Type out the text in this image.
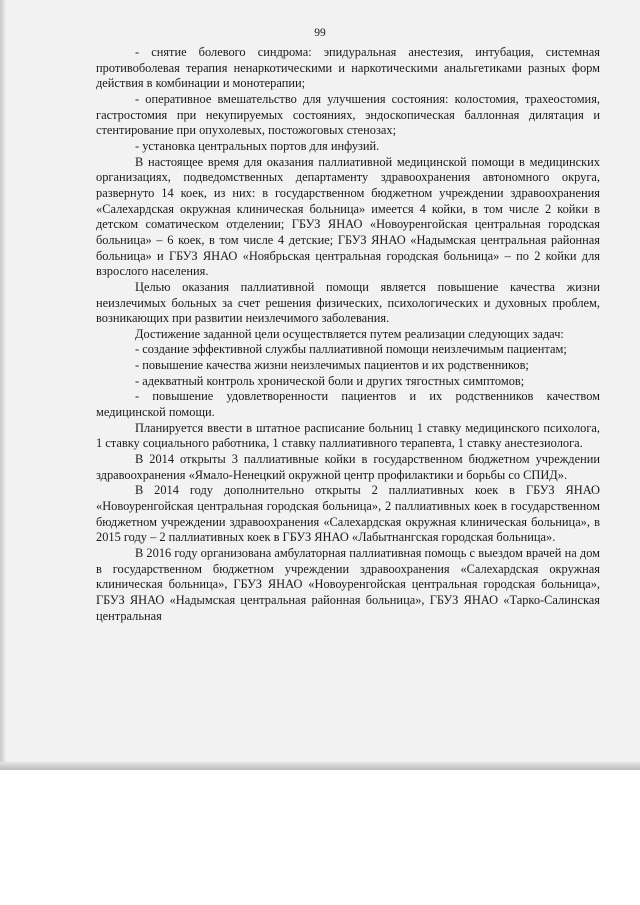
99

- снятие болевого синдрома: эпидуральная анестезия, интубация, системная противоболевая терапия ненаркотическими и наркотическими анальгетиками разных форм действия в комбинации и монотерапии;

- оперативное вмешательство для улучшения состояния: колостомия, трахеостомия, гастростомия при некупируемых состояниях, эндоскопическая баллонная дилятация и стентирование при опухолевых, постожоговых стенозах;

- установка центральных портов для инфузий.

В настоящее время для оказания паллиативной медицинской помощи в медицинских организациях, подведомственных департаменту здравоохранения автономного округа, развернуто 14 коек, из них: в государственном бюджетном учреждении здравоохранения «Салехардская окружная клиническая больница» имеется 4 койки, в том числе 2 койки в детском соматическом отделении; ГБУЗ ЯНАО «Новоуренгойская центральная городская больница» – 6 коек, в том числе 4 детские; ГБУЗ ЯНАО «Надымская центральная районная больница» и ГБУЗ ЯНАО «Ноябрьская центральная городская больница» – по 2 койки для взрослого населения.

Целью оказания паллиативной помощи является повышение качества жизни неизлечимых больных за счет решения физических, психологических и духовных проблем, возникающих при развитии неизлечимого заболевания.

Достижение заданной цели осуществляется путем реализации следующих задач:

- создание эффективной службы паллиативной помощи неизлечимым пациентам;

- повышение качества жизни неизлечимых пациентов и их родственников;

- адекватный контроль хронической боли и других тягостных симптомов;

- повышение удовлетворенности пациентов и их родственников качеством медицинской помощи.

Планируется ввести в штатное расписание больниц 1 ставку медицинского психолога, 1 ставку социального работника, 1 ставку паллиативного терапевта, 1 ставку анестезиолога.

В 2014 открыты 3 паллиативные койки в государственном бюджетном учреждении здравоохранения «Ямало-Ненецкий окружной центр профилактики и борьбы со СПИД».

В 2014 году дополнительно открыты 2 паллиативных коек в ГБУЗ ЯНАО «Новоуренгойская центральная городская больница», 2 паллиативных коек в государственном бюджетном учреждении здравоохранения «Салехардская окружная клиническая больница», в 2015 году – 2 паллиативных коек в ГБУЗ ЯНАО «Лабытнангская городская больница».

В 2016 году организована амбулаторная паллиативная помощь с выездом врачей на дом в государственном бюджетном учреждении здравоохранения «Салехардская окружная клиническая больница», ГБУЗ ЯНАО «Новоуренгойская центральная городская больница», ГБУЗ ЯНАО «Надымская центральная районная больница», ГБУЗ ЯНАО «Тарко-Салинская центральная
